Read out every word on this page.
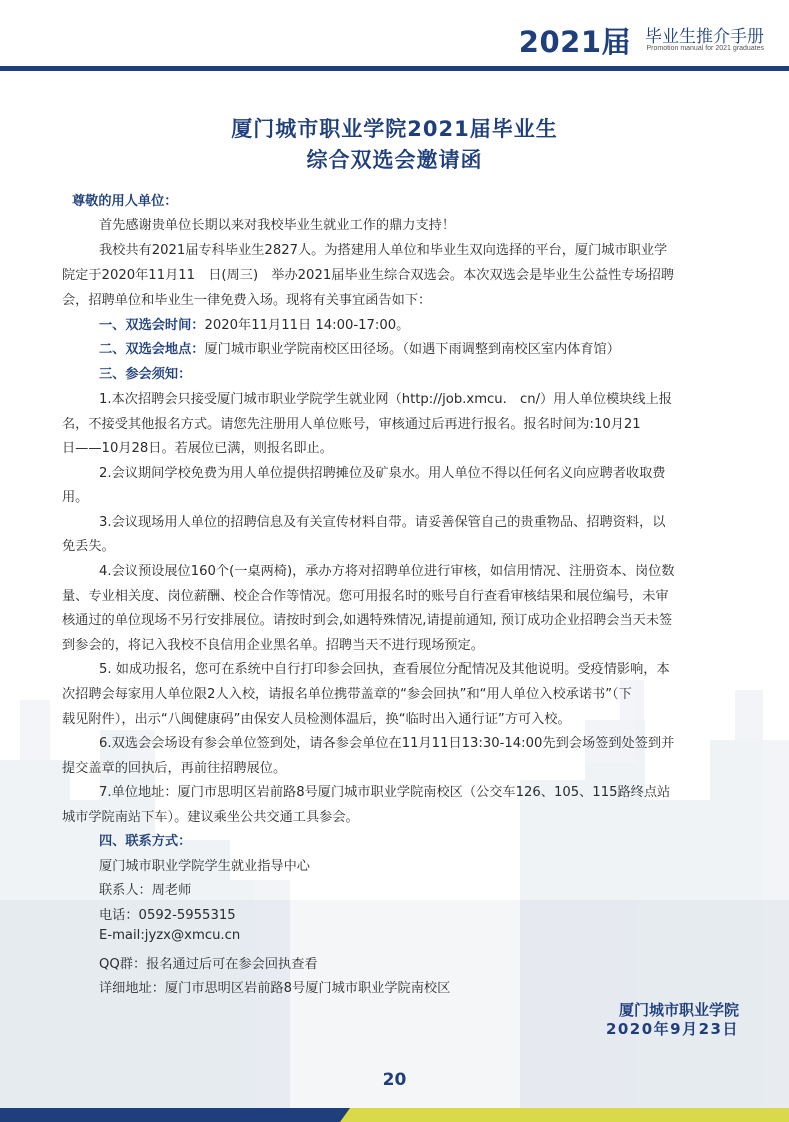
2021届 毕业生推介手册
Promotion manual for 2021 graduates
厦门城市职业学院2021届毕业生
综合双选会邀请函
尊敬的用人单位：
首先感谢贵单位长期以来对我校毕业生就业工作的鼎力支持！
我校共有2021届专科毕业生2827人。为搭建用人单位和毕业生双向选择的平台，厦门城市职业学
院定于2020年11月11　日(周三)　举办2021届毕业生综合双选会。本次双选会是毕业生公益性专场招聘
会，招聘单位和毕业生一律免费入场。现将有关事宜函告如下：
一、双选会时间：2020年11月11日 14:00-17:00。
二、双选会地点：厦门城市职业学院南校区田径场。（如遇下雨调整到南校区室内体育馆）
三、参会须知：
1.本次招聘会只接受厦门城市职业学院学生就业网（http://job.xmcu.　cn/）用人单位模块线上报
名，不接受其他报名方式。请您先注册用人单位账号，审核通过后再进行报名。报名时间为:10月21
日——10月28日。若展位已满，则报名即止。
2.会议期间学校免费为用人单位提供招聘摊位及矿泉水。用人单位不得以任何名义向应聘者收取费
用。
3.会议现场用人单位的招聘信息及有关宣传材料自带。请妥善保管自己的贵重物品、招聘资料，以
免丢失。
4.会议预设展位160个(一桌两椅)，承办方将对招聘单位进行审核，如信用情况、注册资本、岗位数
量、专业相关度、岗位薪酬、校企合作等情况。您可用报名时的账号自行查看审核结果和展位编号，未审
核通过的单位现场不另行安排展位。请按时到会,如遇特殊情况,请提前通知, 预订成功企业招聘会当天未签
到参会的，将记入我校不良信用企业黑名单。招聘当天不进行现场预定。
5. 如成功报名，您可在系统中自行打印参会回执，查看展位分配情况及其他说明。受疫情影响，本
次招聘会每家用人单位限2人入校，请报名单位携带盖章的“参会回执”和“用人单位入校承诺书”（下
载见附件），出示“八闽健康码”由保安人员检测体温后，换“临时出入通行证”方可入校。
6.双选会会场设有参会单位签到处，请各参会单位在11月11日13:30-14:00先到会场签到处签到并
提交盖章的回执后，再前往招聘展位。
7.单位地址：厦门市思明区岩前路8号厦门城市职业学院南校区（公交车126、105、115路终点站
城市学院南站下车）。建议乘坐公共交通工具参会。
四、联系方式：
厦门城市职业学院学生就业指导中心
联系人：周老师
电话：0592-5955315
E-mail:jyzx@xmcu.cn
QQ群：报名通过后可在参会回执查看
详细地址：厦门市思明区岩前路8号厦门城市职业学院南校区
厦门城市职业学院
2020年9月23日
20
